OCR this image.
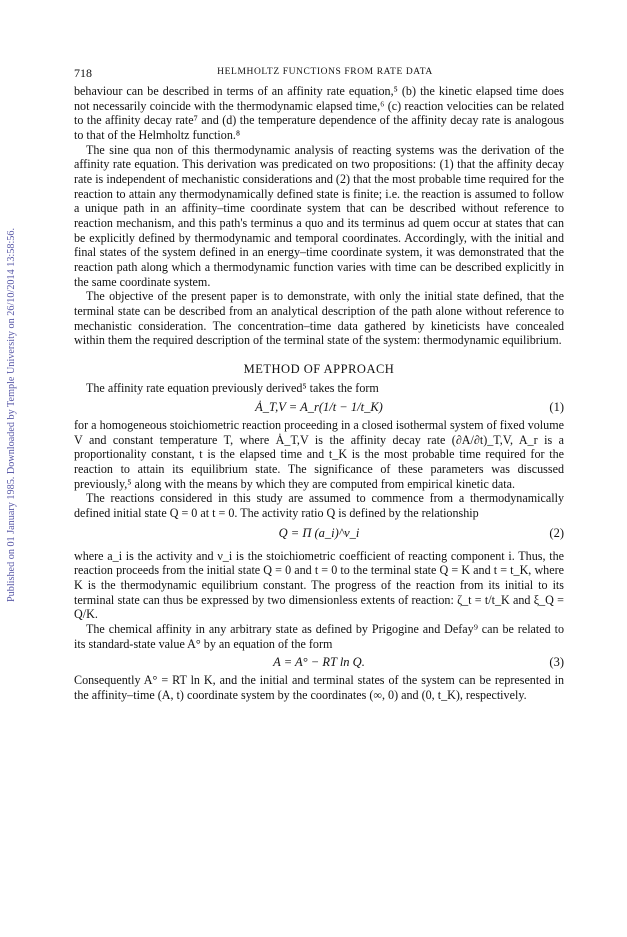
Published on 01 January 1985. Downloaded by Temple University on 26/10/2014 13:58:56.
718	HELMHOLTZ FUNCTIONS FROM RATE DATA

behaviour can be described in terms of an affinity rate equation,⁵ (b) the kinetic elapsed time does not necessarily coincide with the thermodynamic elapsed time,⁶ (c) reaction velocities can be related to the affinity decay rate⁷ and (d) the temperature dependence of the affinity decay rate is analogous to that of the Helmholtz function.⁸

The sine qua non of this thermodynamic analysis of reacting systems was the derivation of the affinity rate equation. This derivation was predicated on two propositions: (1) that the affinity decay rate is independent of mechanistic considerations and (2) that the most probable time required for the reaction to attain any thermodynamically defined state is finite; i.e. the reaction is assumed to follow a unique path in an affinity–time coordinate system that can be described without reference to reaction mechanism, and this path's terminus a quo and its terminus ad quem occur at states that can be explicitly defined by thermodynamic and temporal coordinates. Accordingly, with the initial and final states of the system defined in an energy–time coordinate system, it was demonstrated that the reaction path along which a thermodynamic function varies with time can be described explicitly in the same coordinate system.

The objective of the present paper is to demonstrate, with only the initial state defined, that the terminal state can be described from an analytical description of the path alone without reference to mechanistic consideration. The concentration–time data gathered by kineticists have concealed within them the required description of the terminal state of the system: thermodynamic equilibrium.

METHOD OF APPROACH

The affinity rate equation previously derived⁵ takes the form

Ȧ_T,V = A_r(1/t − 1/t_K)	(1)

for a homogeneous stoichiometric reaction proceeding in a closed isothermal system of fixed volume V and constant temperature T, where Ȧ_T,V is the affinity decay rate (∂A/∂t)_T,V, A_r is a proportionality constant, t is the elapsed time and t_K is the most probable time required for the reaction to attain its equilibrium state. The significance of these parameters was discussed previously,⁵ along with the means by which they are computed from empirical kinetic data.

The reactions considered in this study are assumed to commence from a thermodynamically defined initial state Q = 0 at t = 0. The activity ratio Q is defined by the relationship

Q = Π (a_i)^ν_i	(2)

where a_i is the activity and ν_i is the stoichiometric coefficient of reacting component i. Thus, the reaction proceeds from the initial state Q = 0 and t = 0 to the terminal state Q = K and t = t_K, where K is the thermodynamic equilibrium constant. The progress of the reaction from its initial to its terminal state can thus be expressed by two dimensionless extents of reaction: ζ_t = t/t_K and ξ_Q = Q/K.

The chemical affinity in any arbitrary state as defined by Prigogine and Defay⁹ can be related to its standard-state value A° by an equation of the form

A = A° − RT ln Q.	(3)

Consequently A° = RT ln K, and the initial and terminal states of the system can be represented in the affinity–time (A, t) coordinate system by the coordinates (∞, 0) and (0, t_K), respectively.
